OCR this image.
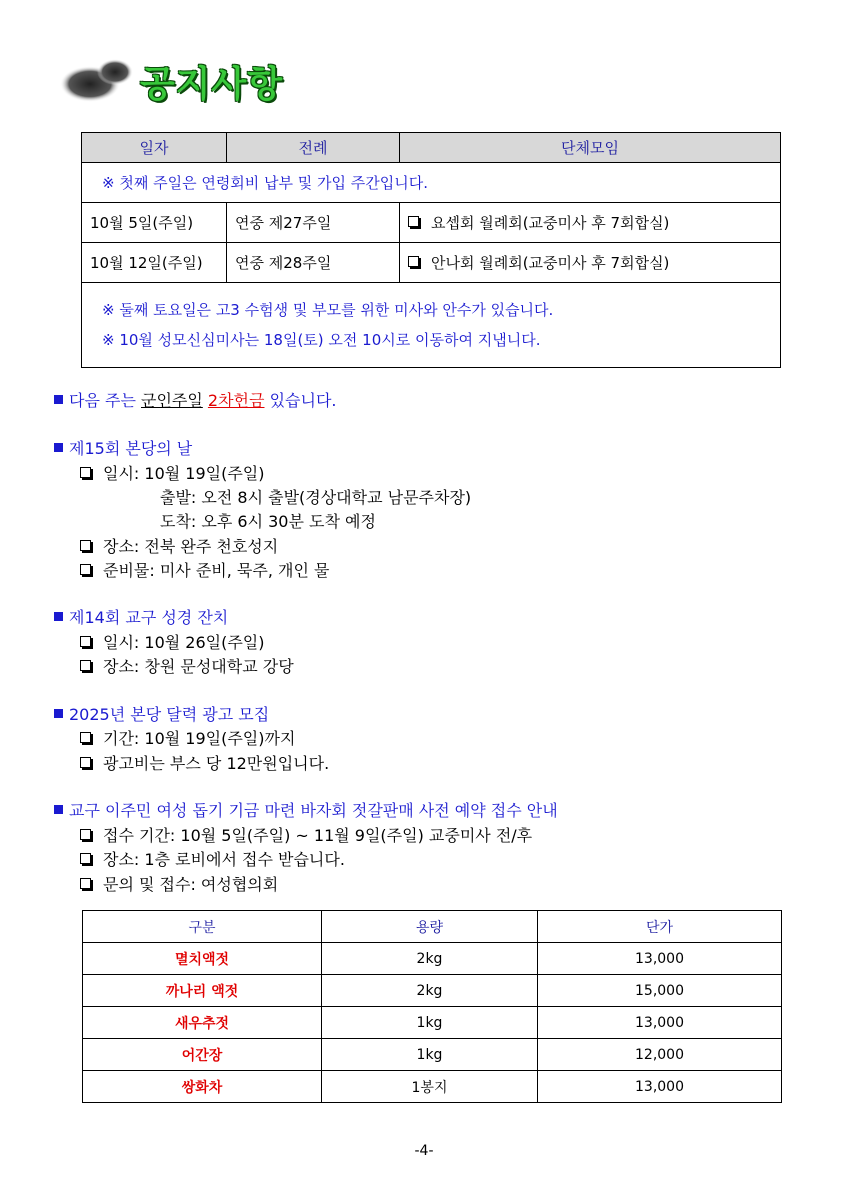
공지사항
일자	전례	단체모임
※ 첫째 주일은 연령회비 납부 및 가입 주간입니다.		
10월 5일(주일)	연중 제27주일	요셉회 월례회(교중미사 후 7회합실)
10월 12일(주일)	연중 제28주일	안나회 월례회(교중미사 후 7회합실)

※ 둘째 토요일은 고3 수험생 및 부모를 위한 미사와 안수가 있습니다.
※ 10월 성모신심미사는 18일(토) 오전 10시로 이동하여 지냅니다.		
다음 주는 군인주일 2차헌금 있습니다.
제15회 본당의 날
일시: 10월 19일(주일)
출발: 오전 8시 출발(경상대학교 남문주차장)
도착: 오후 6시 30분 도착 예정
장소: 전북 완주 천호성지
준비물: 미사 준비, 묵주, 개인 물
제14회 교구 성경 잔치
일시: 10월 26일(주일)
장소: 창원 문성대학교 강당
2025년 본당 달력 광고 모집
기간: 10월 19일(주일)까지
광고비는 부스 당 12만원입니다.
교구 이주민 여성 돕기 기금 마련 바자회 젓갈판매 사전 예약 접수 안내
접수 기간: 10월 5일(주일) ~ 11월 9일(주일) 교중미사 전/후
장소: 1층 로비에서 접수 받습니다.
문의 및 접수: 여성협의회
구분	용량	단가
멸치액젓	2kg	13,000
까나리 액젓	2kg	15,000
새우추젓	1kg	13,000
어간장	1kg	12,000
쌍화차	1봉지	13,000
-4-
